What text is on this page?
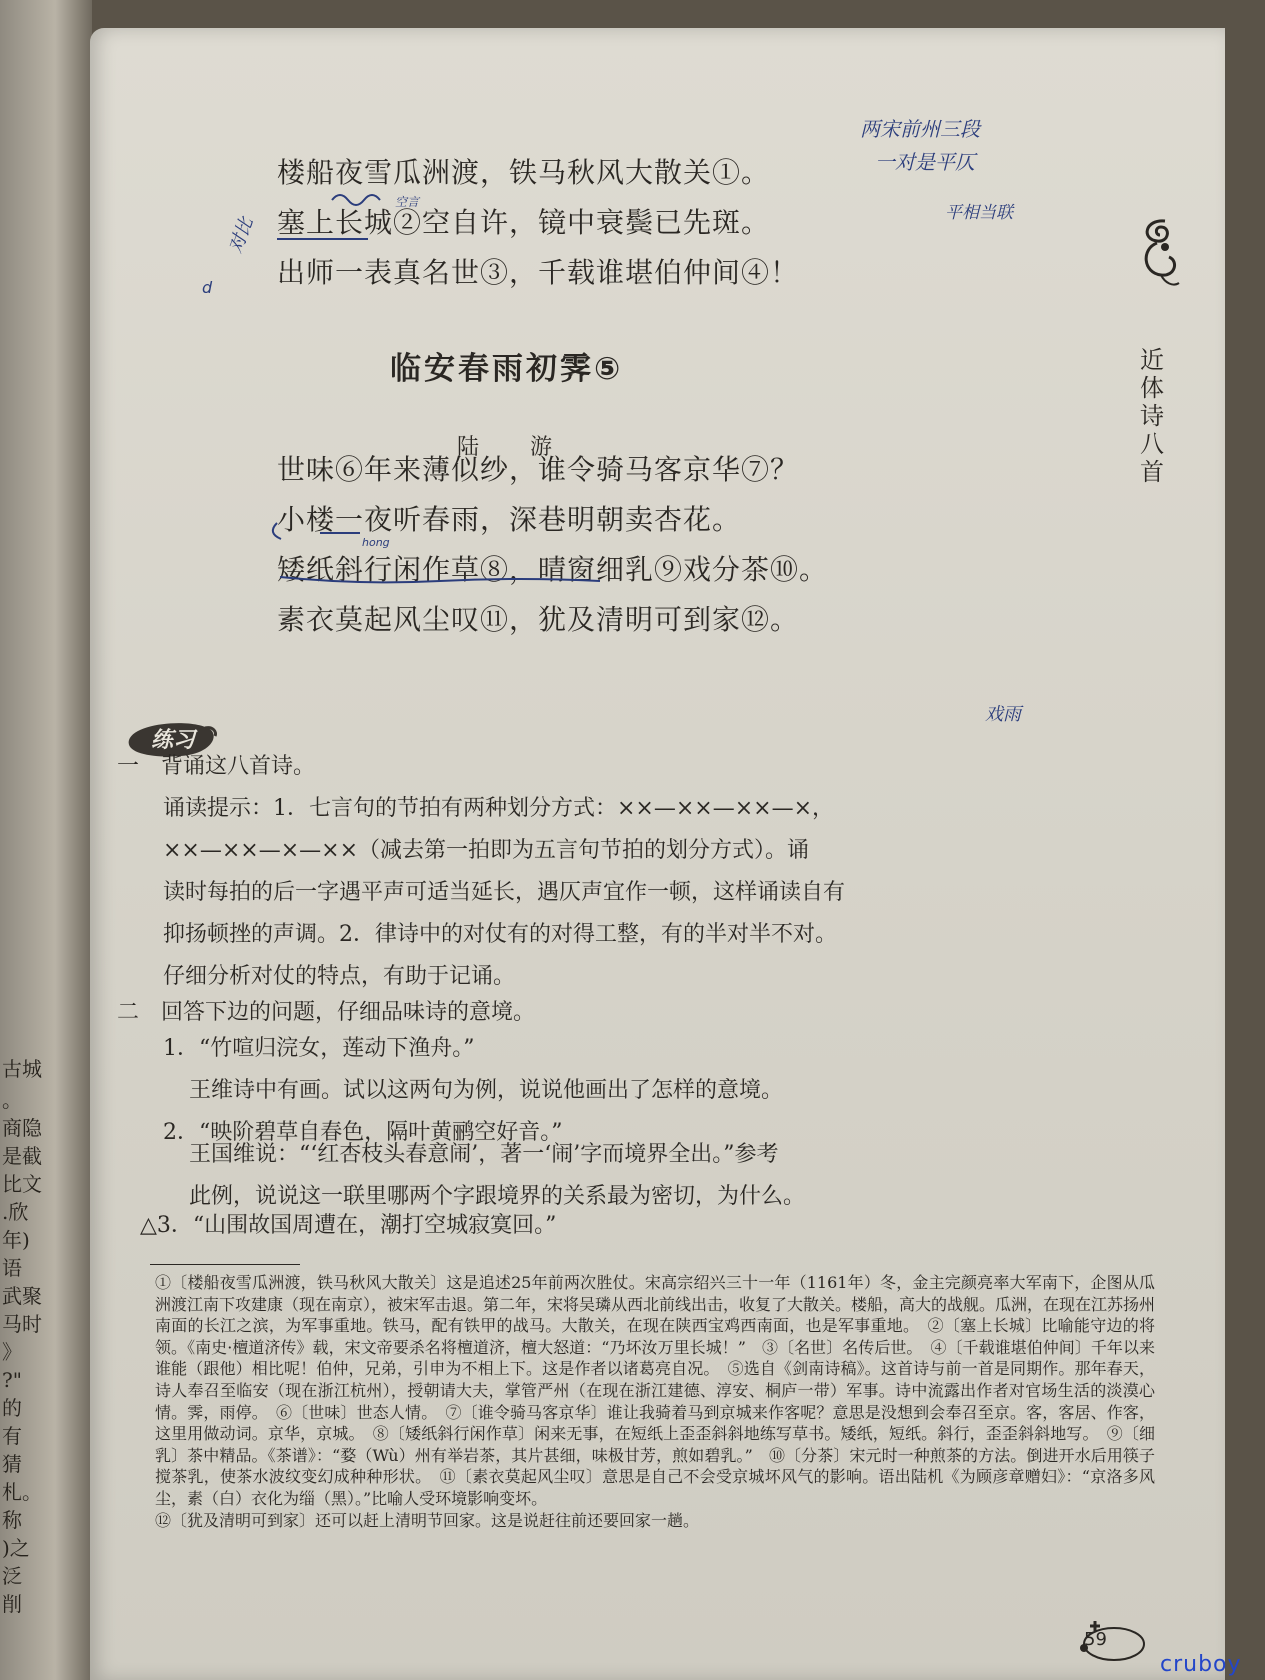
古城
。
商隐
是截
比文
.欣
年)
语
武聚
马时
》
?"
的
有
猜
札。
称
)之
泛
削
楼船夜雪瓜洲渡，铁马秋风大散关①。
塞上长城②空自许，镜中衰鬓已先斑。
出师一表真名世③，千载谁堪伯仲间④！
近体诗八首
临安春雨初霁⑤
陆 游
世味⑥年来薄似纱，谁令骑马客京华⑦？
小楼一夜听春雨，深巷明朝卖杏花。
矮纸斜行闲作草⑧，晴窗细乳⑨戏分茶⑩。
素衣莫起风尘叹⑪，犹及清明可到家⑫。
练习
一　背诵这八首诗。
诵读提示：1．七言句的节拍有两种划分方式：××—××—××—×，
××—××—×—××（减去第一拍即为五言句节拍的划分方式）。诵
读时每拍的后一字遇平声可适当延长，遇仄声宜作一顿，这样诵读自有
抑扬顿挫的声调。2．律诗中的对仗有的对得工整，有的半对半不对。
仔细分析对仗的特点，有助于记诵。
二　回答下边的问题，仔细品味诗的意境。
1．“竹喧归浣女，莲动下渔舟。”
王维诗中有画。试以这两句为例，说说他画出了怎样的意境。
2．“映阶碧草自春色，隔叶黄鹂空好音。”
王国维说：“‘红杏枝头春意闹’，著一‘闹’字而境界全出。”参考
此例，说说这一联里哪两个字跟境界的关系最为密切，为什么。
△3．“山围故国周遭在，潮打空城寂寞回。”

①〔楼船夜雪瓜洲渡，铁马秋风大散关〕这是追述25年前两次胜仗。宋高宗绍兴三十一年（1161年）冬，金主完颜亮率大军南下，企图从瓜洲渡江南下攻建康（现在南京），被宋军击退。第二年，宋将吴璘从西北前线出击，收复了大散关。楼船，高大的战舰。瓜洲，在现在江苏扬州南面的长江之滨，为军事重地。铁马，配有铁甲的战马。大散关，在现在陕西宝鸡西南面，也是军事重地。　②〔塞上长城〕比喻能守边的将领。《南史·檀道济传》载，宋文帝要杀名将檀道济，檀大怒道：“乃坏汝万里长城！”　③〔名世〕名传后世。　④〔千载谁堪伯仲间〕千年以来谁能（跟他）相比呢！伯仲，兄弟，引申为不相上下。这是作者以诸葛亮自况。　⑤选自《剑南诗稿》。这首诗与前一首是同期作。那年春天，诗人奉召至临安（现在浙江杭州），授朝请大夫，掌管严州（在现在浙江建德、淳安、桐庐一带）军事。诗中流露出作者对官场生活的淡漠心情。霁，雨停。　⑥〔世味〕世态人情。　⑦〔谁令骑马客京华〕谁让我骑着马到京城来作客呢？意思是没想到会奉召至京。客，客居、作客，这里用做动词。京华，京城。　⑧〔矮纸斜行闲作草〕闲来无事，在短纸上歪歪斜斜地练写草书。矮纸，短纸。斜行，歪歪斜斜地写。　⑨〔细乳〕茶中精品。《茶谱》：“婺（Wù）州有举岩茶，其片甚细，味极甘芳，煎如碧乳。”　⑩〔分茶〕宋元时一种煎茶的方法。倒进开水后用筷子搅茶乳，使茶水波纹变幻成种种形状。　⑪〔素衣莫起风尘叹〕意思是自己不会受京城坏风气的影响。语出陆机《为顾彦章赠妇》：“京洛多风尘，素（白）衣化为缁（黑）。”比喻人受环境影响变坏。

⑫〔犹及清明可到家〕还可以赶上清明节回家。这是说赶往前还要回家一趟。

59
两宋前州三段
一对是平仄
平相当联
对比
d
空言
戏雨
hong
cruboy
